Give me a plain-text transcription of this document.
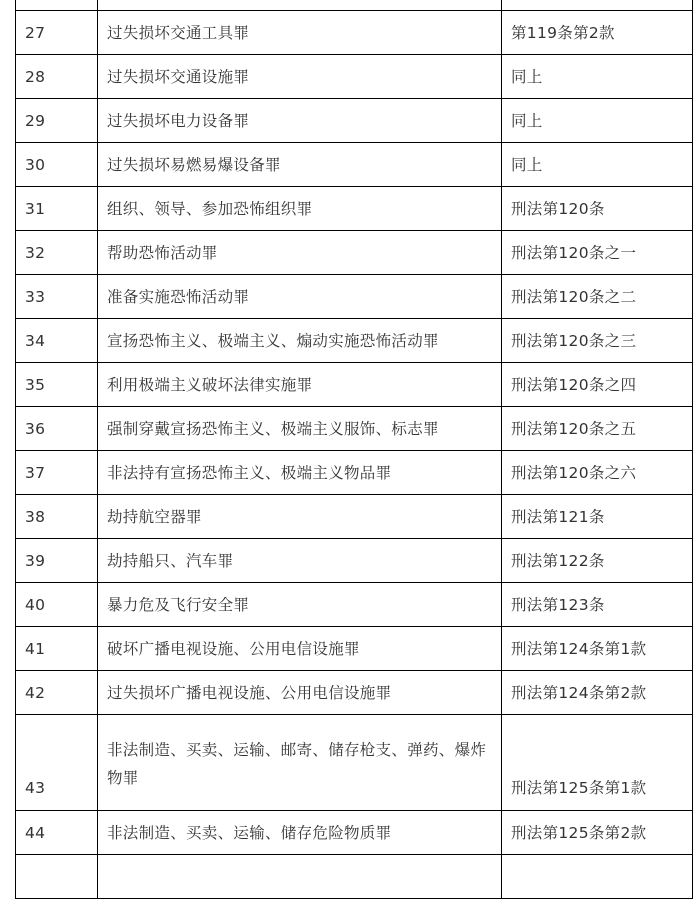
27	过失损坏交通工具罪	第119条第2款
28	过失损坏交通设施罪	同上
29	过失损坏电力设备罪	同上
30	过失损坏易燃易爆设备罪	同上
31	组织、领导、参加恐怖组织罪	刑法第120条
32	帮助恐怖活动罪	刑法第120条之一
33	准备实施恐怖活动罪	刑法第120条之二
34	宣扬恐怖主义、极端主义、煽动实施恐怖活动罪	刑法第120条之三
35	利用极端主义破坏法律实施罪	刑法第120条之四
36	强制穿戴宣扬恐怖主义、极端主义服饰、标志罪	刑法第120条之五
37	非法持有宣扬恐怖主义、极端主义物品罪	刑法第120条之六
38	劫持航空器罪	刑法第121条
39	劫持船只、汽车罪	刑法第122条
40	暴力危及飞行安全罪	刑法第123条
41	破坏广播电视设施、公用电信设施罪	刑法第124条第1款
42	过失损坏广播电视设施、公用电信设施罪	刑法第124条第2款
43	非法制造、买卖、运输、邮寄、储存枪支、弹药、爆炸物罪	刑法第125条第1款
44	非法制造、买卖、运输、储存危险物质罪	刑法第125条第2款
